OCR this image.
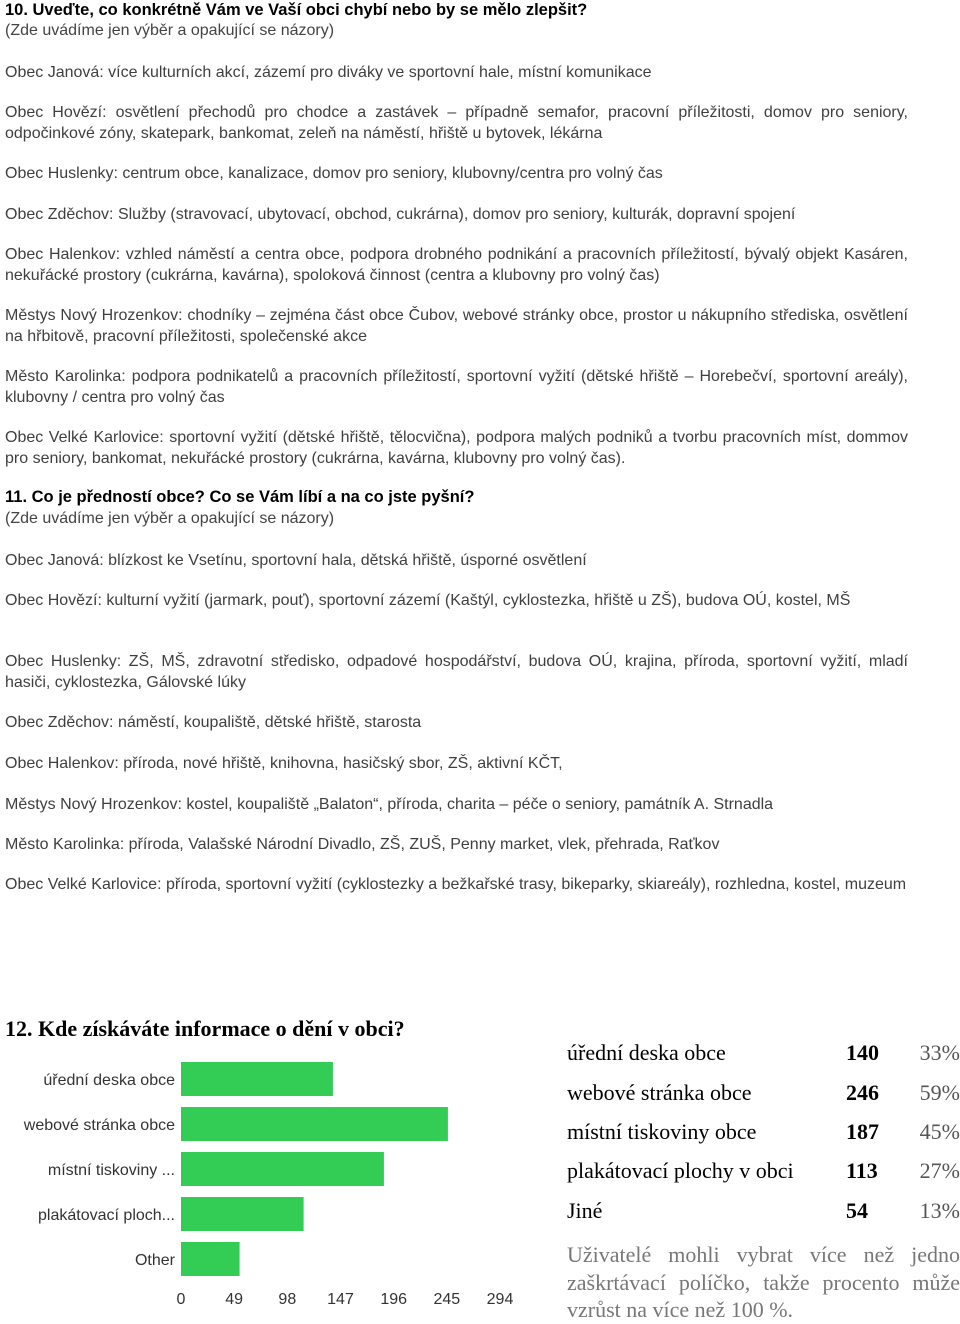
10. Uveďte, co konkrétně Vám ve Vaší obci chybí nebo by se mělo zlepšit?
(Zde uvádíme jen výběr a opakující se názory)
Obec Janová: více kulturních akcí, zázemí pro diváky ve sportovní hale, místní komunikace
Obec Hovězí: osvětlení přechodů pro chodce a zastávek – případně semafor, pracovní příležitosti, domov pro seniory, odpočinkové zóny, skatepark, bankomat, zeleň na náměstí, hřiště u bytovek, lékárna
Obec Huslenky: centrum obce, kanalizace, domov pro seniory, klubovny/centra pro volný čas
Obec Zděchov: Služby (stravovací, ubytovací, obchod, cukrárna), domov pro seniory, kulturák, dopravní spojení
Obec Halenkov: vzhled náměstí a centra obce, podpora drobného podnikání a pracovních příležitostí, bývalý objekt Kasáren, nekuřácké prostory (cukrárna, kavárna), spoloková činnost (centra a klubovny pro volný čas)
Městys Nový Hrozenkov: chodníky – zejména část obce Čubov, webové stránky obce, prostor u nákupního střediska, osvětlení na hřbitově, pracovní příležitosti, společenské akce
Město Karolinka: podpora podnikatelů a pracovních příležitostí, sportovní vyžití (dětské hřiště – Horebečví, sportovní areály), klubovny / centra pro volný čas
Obec Velké Karlovice: sportovní vyžití (dětské hřiště, tělocvična), podpora malých podniků a tvorbu pracovních míst, dommov pro seniory, bankomat, nekuřácké prostory (cukrárna, kavárna, klubovny pro volný čas).
11. Co je předností obce? Co se Vám líbí a na co jste pyšní?
(Zde uvádíme jen výběr a opakující se názory)
Obec Janová: blízkost ke Vsetínu, sportovní hala, dětská hřiště, úsporné osvětlení
Obec Hovězí: kulturní vyžití (jarmark, pouť), sportovní zázemí (Kaštýl, cyklostezka, hřiště u ZŠ), budova OÚ, kostel, MŠ
Obec Huslenky: ZŠ, MŠ, zdravotní středisko, odpadové hospodářství, budova OÚ, krajina, příroda, sportovní vyžití, mladí hasiči, cyklostezka, Gálovské lúky
Obec Zděchov: náměstí, koupaliště, dětské hřiště, starosta
Obec Halenkov: příroda, nové hřiště, knihovna, hasičský sbor, ZŠ, aktivní KČT,
Městys Nový Hrozenkov: kostel, koupaliště „Balaton“, příroda, charita – péče o seniory, památník A. Strnadla
Město Karolinka: příroda, Valašské Národní Divadlo, ZŠ, ZUŠ, Penny market, vlek, přehrada, Raťkov
Obec Velké Karlovice: příroda, sportovní vyžití (cyklostezky a bežkařské trasy, bikeparky, skiareály), rozhledna, kostel, muzeum
12. Kde získáváte informace o dění v obci?
úřední deska obce
webové stránka obce
místní tiskoviny ...
plakátovací ploch...
Other
0 49 98 147 196 245 294
úřední deska obce	140 33%
webové stránka obce	246 59%
místní tiskoviny obce	187 45%
plakátovací plochy v obci 113 27%
Jiné	54 13%
Uživatelé mohli vybrat více než jedno zaškrtávací políčko, takže procento může vzrůst na více než 100 %.
